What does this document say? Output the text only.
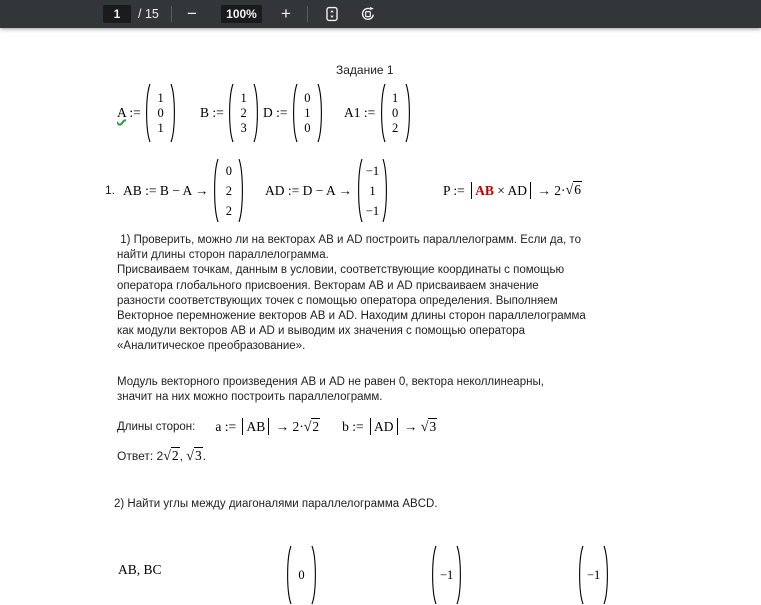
1	/ 15	−	100%	+
Задание 1
A :=
1
0
1
B :=
1
2
3
D :=
0
1
0
A1 :=
1
0
2
1. AB := B − A →
0
2
2
AD := D − A →
−1
1
−1
P := AB × AD → 2· √6
1) Проверить, можно ли на векторах AB и AD построить параллелограмм. Если да, то
найти длины сторон параллелограмма.
Присваиваем точкам, данным в условии, соответствующие координаты с помощью
оператора глобального присвоения. Векторам AB и AD присваиваем значение
разности соответствующих точек с помощью оператора определения. Выполняем
Векторное перемножение векторов AB и AD. Находим длины сторон параллелограмма
как модули векторов AB и AD и выводим их значения с помощью оператора
«Аналитическое преобразование».
Модуль векторного произведения AB и AD не равен 0, вектора неколлинеарны,
значит на них можно построить параллелограмм.
Длины сторон: a := AB → 2·√2 b := AD → √3
Ответ: 2 √2 , √3 .
2) Найти углы между диагоналями параллелограмма ABCD.
AB, BC	0	−1	−1
